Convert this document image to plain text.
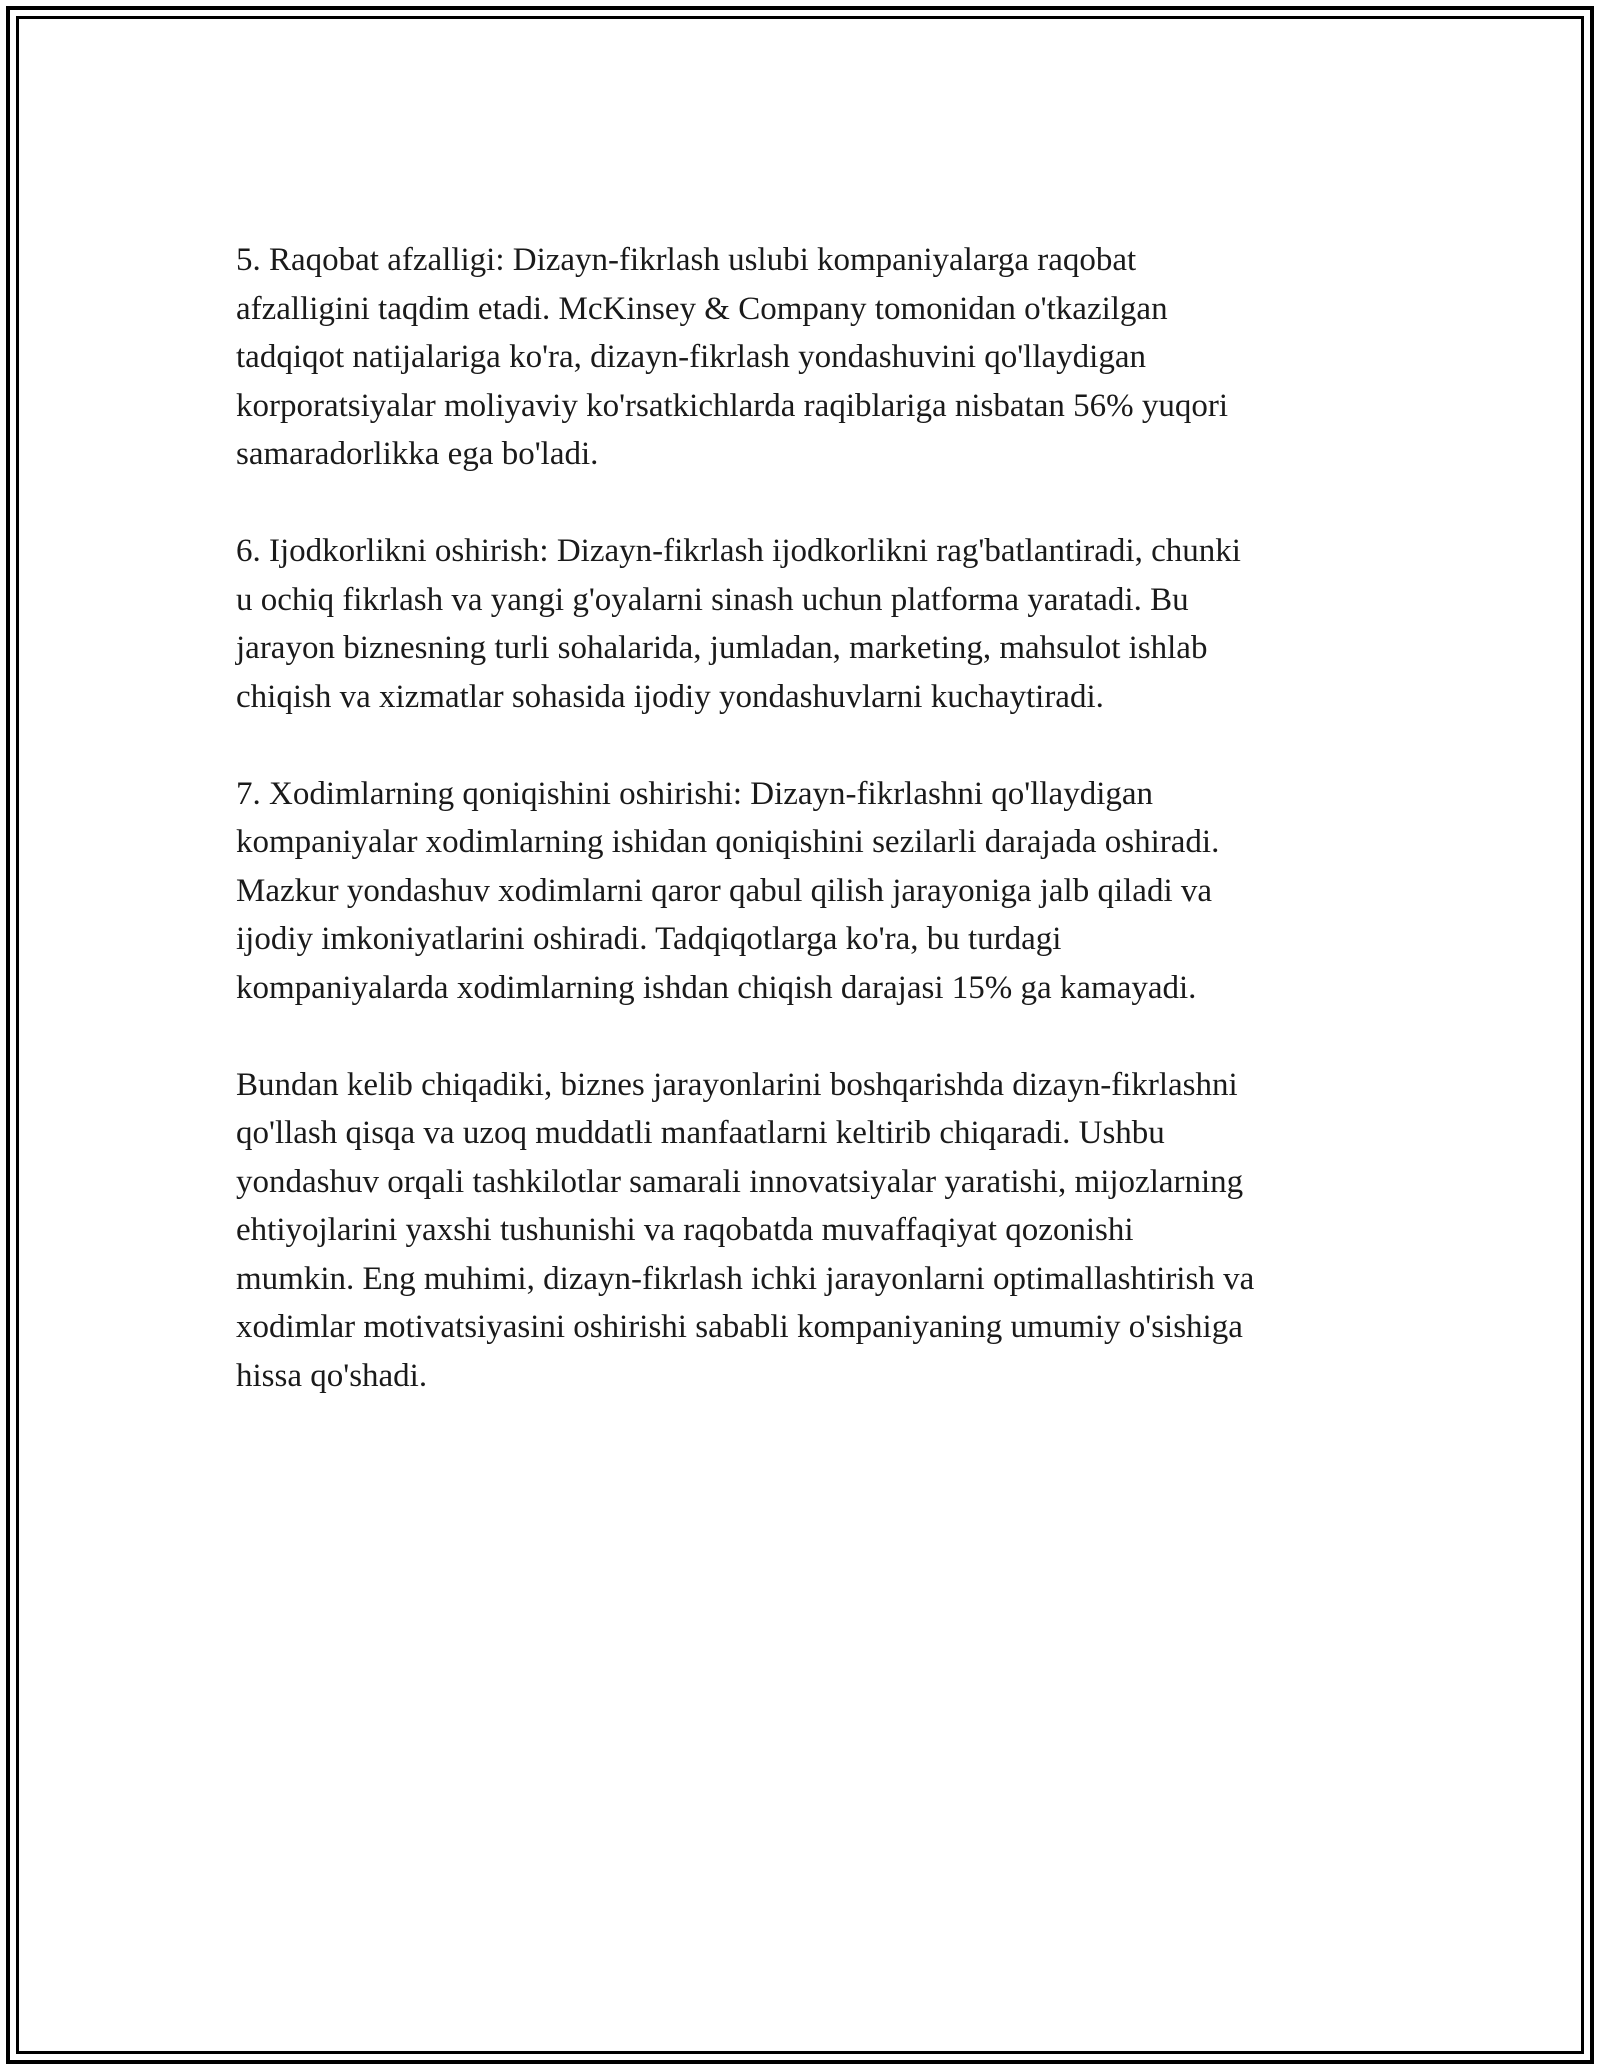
5. Raqobat afzalligi: Dizayn-fikrlash uslubi kompaniyalarga raqobat
afzalligini taqdim etadi. McKinsey & Company tomonidan o'tkazilgan
tadqiqot natijalariga ko'ra, dizayn-fikrlash yondashuvini qo'llaydigan
korporatsiyalar moliyaviy ko'rsatkichlarda raqiblariga nisbatan 56% yuqori
samaradorlikka ega bo'ladi.

6. Ijodkorlikni oshirish: Dizayn-fikrlash ijodkorlikni rag'batlantiradi, chunki
u ochiq fikrlash va yangi g'oyalarni sinash uchun platforma yaratadi. Bu
jarayon biznesning turli sohalarida, jumladan, marketing, mahsulot ishlab
chiqish va xizmatlar sohasida ijodiy yondashuvlarni kuchaytiradi.

7. Xodimlarning qoniqishini oshirishi: Dizayn-fikrlashni qo'llaydigan
kompaniyalar xodimlarning ishidan qoniqishini sezilarli darajada oshiradi.
Mazkur yondashuv xodimlarni qaror qabul qilish jarayoniga jalb qiladi va
ijodiy imkoniyatlarini oshiradi. Tadqiqotlarga ko'ra, bu turdagi
kompaniyalarda xodimlarning ishdan chiqish darajasi 15% ga kamayadi.

Bundan kelib chiqadiki, biznes jarayonlarini boshqarishda dizayn-fikrlashni
qo'llash qisqa va uzoq muddatli manfaatlarni keltirib chiqaradi. Ushbu
yondashuv orqali tashkilotlar samarali innovatsiyalar yaratishi, mijozlarning
ehtiyojlarini yaxshi tushunishi va raqobatda muvaffaqiyat qozonishi
mumkin. Eng muhimi, dizayn-fikrlash ichki jarayonlarni optimallashtirish va
xodimlar motivatsiyasini oshirishi sababli kompaniyaning umumiy o'sishiga
hissa qo'shadi.
